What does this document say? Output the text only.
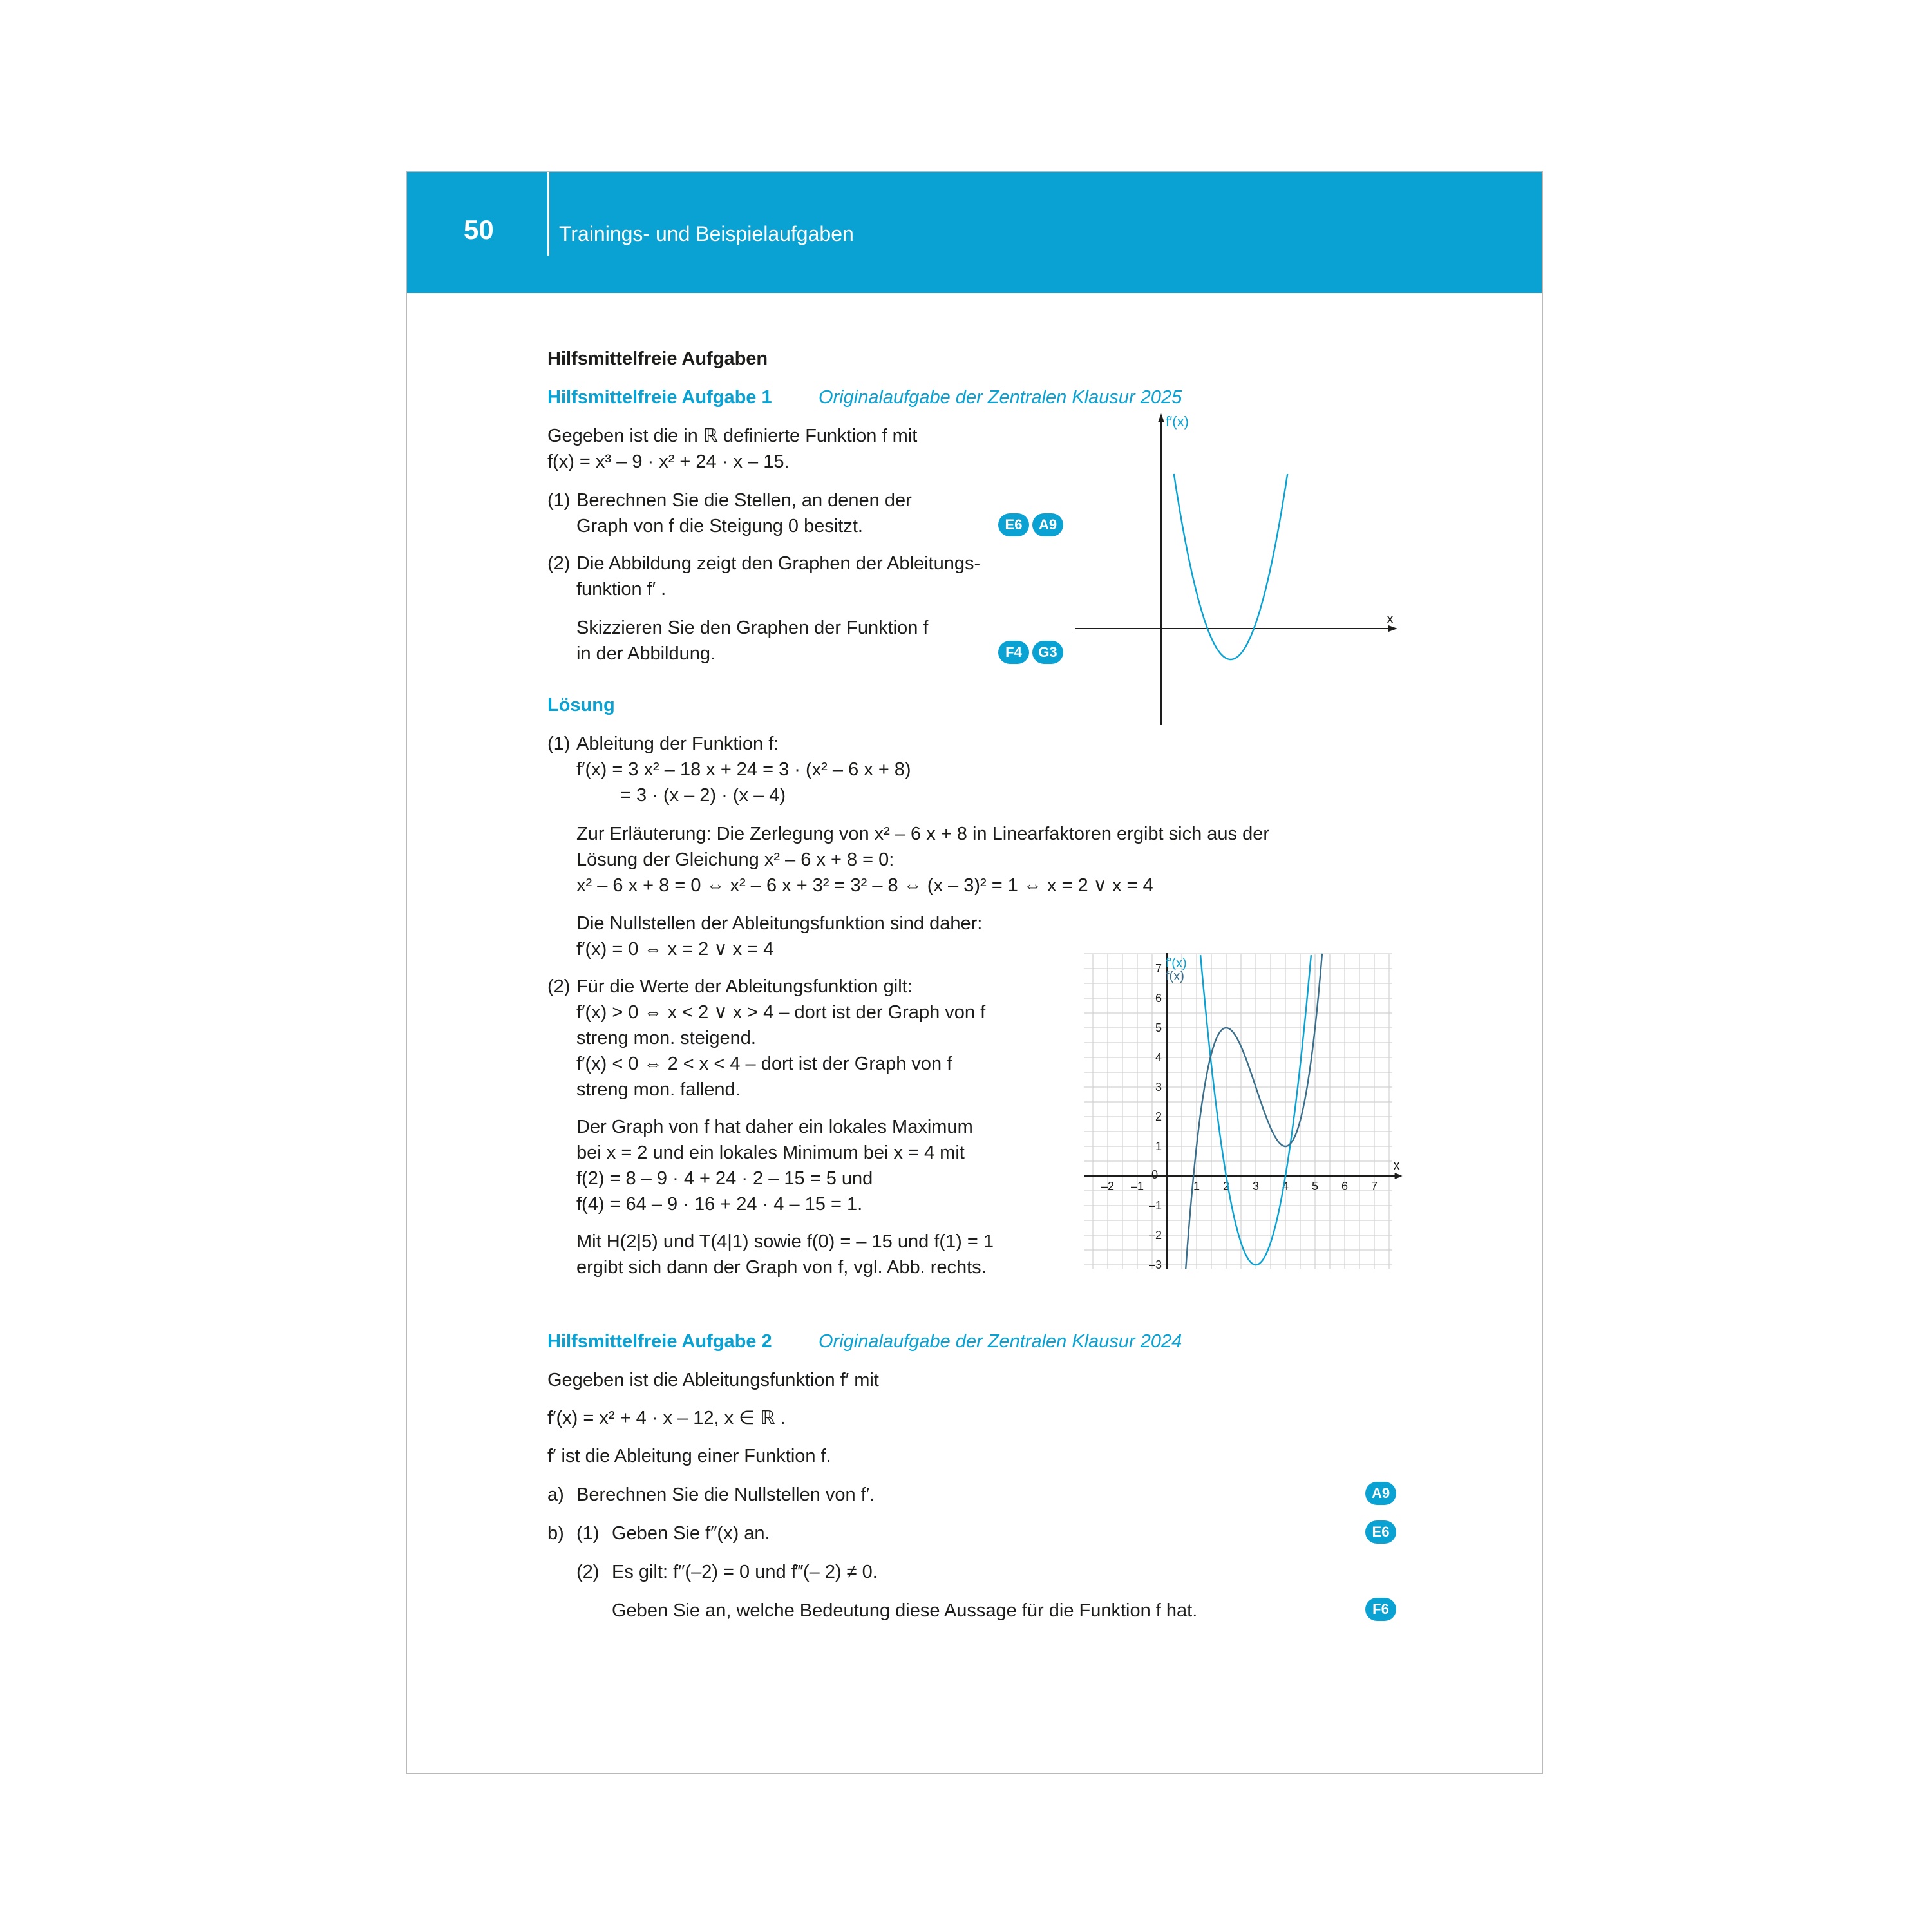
50	Trainings- und Beispielaufgaben
Hilfsmittelfreie Aufgaben
Hilfsmittelfreie Aufgabe 1 Originalaufgabe der Zentralen Klausur 2025
Gegeben ist die in ℝ definierte Funktion f mit
f(x) = x³ – 9 · x² + 24 · x – 15.
(1) Berechnen Sie die Stellen, an denen der
Graph von f die Steigung 0 besitzt.	E6	A9
(2) Die Abbildung zeigt den Graphen der Ableitungs-
funktion f′ .
Skizzieren Sie den Graphen der Funktion f
in der Abbildung.	F4	G3
f′(x)
x
Lösung
(1) Ableitung der Funktion f:
f′(x) = 3 x² – 18 x + 24 = 3 · (x² – 6 x + 8)
= 3 · (x – 2) · (x – 4)
Zur Erläuterung: Die Zerlegung von x² – 6 x + 8 in Linearfaktoren ergibt sich aus der
Lösung der Gleichung x² – 6 x + 8 = 0:
x² – 6 x + 8 = 0 ⇔ x² – 6 x + 3² = 3² – 8 ⇔ (x – 3)² = 1 ⇔ x = 2 ∨ x = 4
Die Nullstellen der Ableitungsfunktion sind daher:
f′(x) = 0 ⇔ x = 2 ∨ x = 4
(2) Für die Werte der Ableitungsfunktion gilt:
f′(x) > 0 ⇔ x < 2 ∨ x > 4 – dort ist der Graph von f
streng mon. steigend.
f′(x) < 0 ⇔ 2 < x < 4 – dort ist der Graph von f
streng mon. fallend.
Der Graph von f hat daher ein lokales Maximum
bei x = 2 und ein lokales Minimum bei x = 4 mit
f(2) = 8 – 9 · 4 + 24 · 2 – 15 = 5 und
f(4) = 64 – 9 · 16 + 24 · 4 – 15 = 1.
Mit H(2|5) und T(4|1) sowie f(0) = – 15 und f(1) = 1
ergibt sich dann der Graph von f, vgl. Abb. rechts.
–2 –1	1 2 3 4 5 6 7
7
6
5
4
3
2
1
–1
–2
–3
f′(x)
f(x)
x
0
Hilfsmittelfreie Aufgabe 2 Originalaufgabe der Zentralen Klausur 2024
Gegeben ist die Ableitungsfunktion f′ mit
f′(x) = x² + 4 · x – 12, x ∈ ℝ .
f′ ist die Ableitung einer Funktion f.
a) Berechnen Sie die Nullstellen von f′.	A9
b) (1) Geben Sie f″(x) an.	E6
(2) Es gilt: f″(–2) = 0 und f‴(– 2) ≠ 0.
Geben Sie an, welche Bedeutung diese Aussage für die Funktion f hat.	F6
